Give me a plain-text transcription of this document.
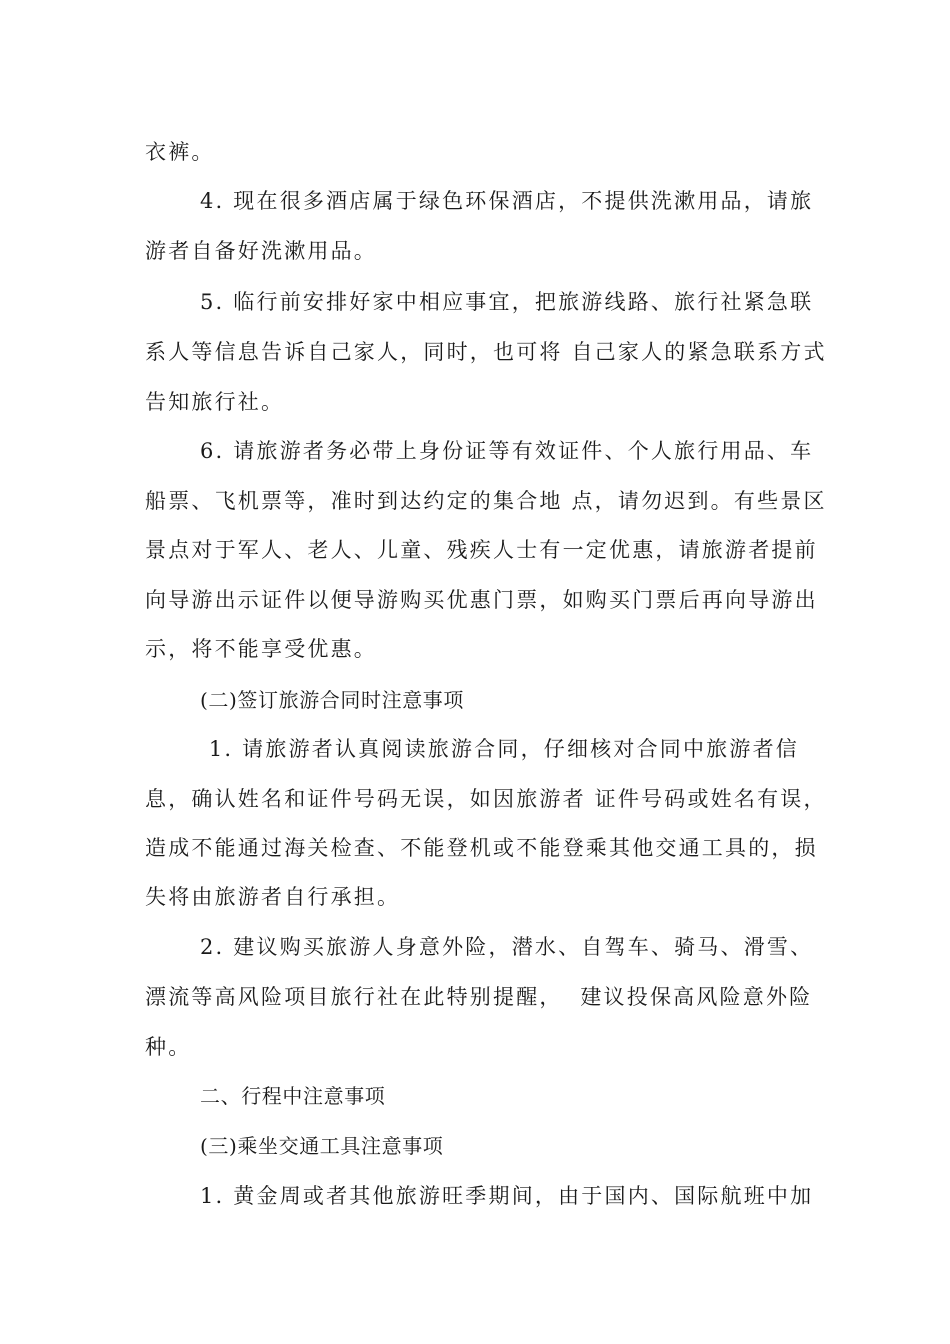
衣裤。
4. 现在很多酒店属于绿色环保酒店，不提供洗漱用品，请旅
游者自备好洗漱用品。
5. 临行前安排好家中相应事宜，把旅游线路、旅行社紧急联
系人等信息告诉自己家人，同时，也可将 自己家人的紧急联系方式
告知旅行社。
6. 请旅游者务必带上身份证等有效证件、个人旅行用品、车
船票、飞机票等，准时到达约定的集合地 点，请勿迟到。有些景区
景点对于军人、老人、儿童、残疾人士有一定优惠，请旅游者提前
向导游出示证件以便导游购买优惠门票，如购买门票后再向导游出
示，将不能享受优惠。
(二)签订旅游合同时注意事项
1. 请旅游者认真阅读旅游合同，仔细核对合同中旅游者信
息，确认姓名和证件号码无误，如因旅游者 证件号码或姓名有误，
造成不能通过海关检查、不能登机或不能登乘其他交通工具的，损
失将由旅游者自行承担。
2. 建议购买旅游人身意外险，潜水、自驾车、骑马、滑雪、
漂流等高风险项目旅行社在此特别提醒，  建议投保高风险意外险
种。
二、行程中注意事项
(三)乘坐交通工具注意事项
1. 黄金周或者其他旅游旺季期间，由于国内、国际航班中加
